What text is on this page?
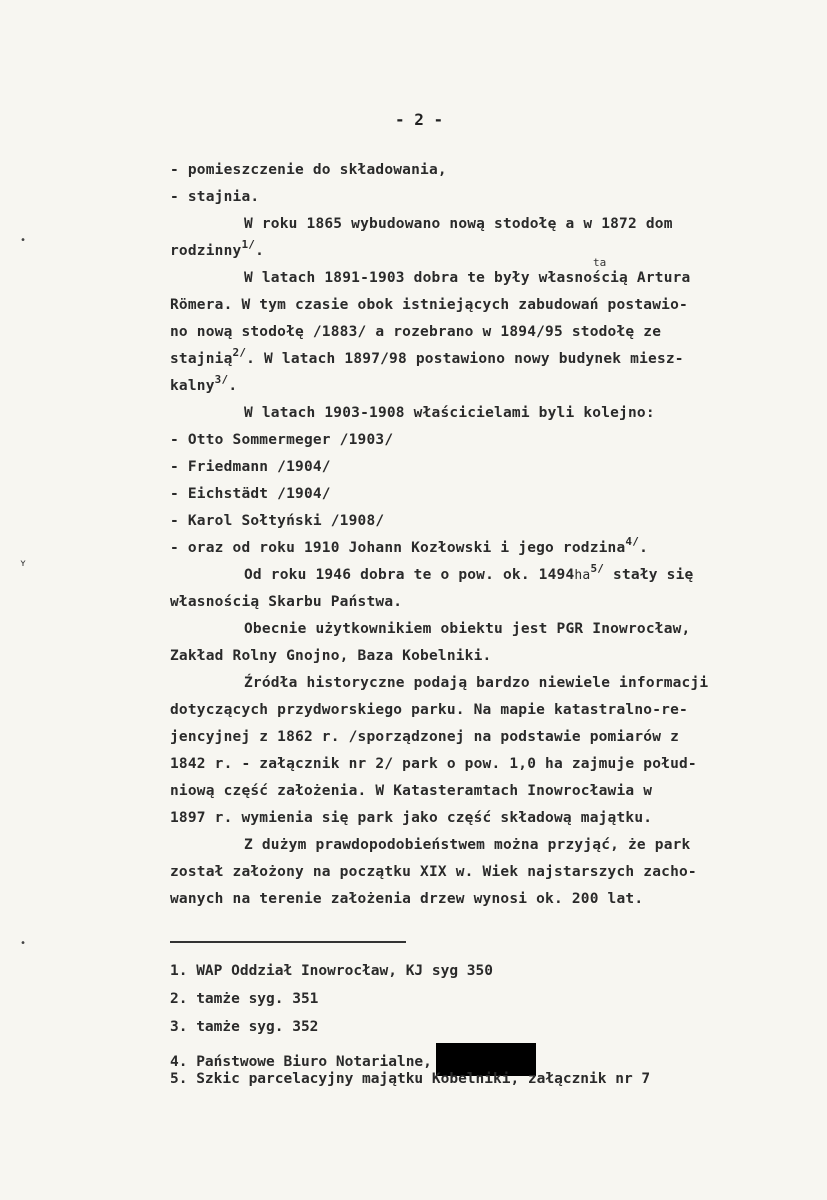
- 2 -
- pomieszczenie do składowania,
- stajnia.
W roku 1865 wybudowano nową stodołę a w 1872 dom
rodzinny$^{1/}$.
ta
W latach 1891-1903 dobra te były własnością Artura
Römera. W tym czasie obok istniejących zabudowań postawio-
no nową stodołę /1883/ a rozebrano w 1894/95 stodołę ze
stajnią$^{2/}$. W latach 1897/98 postawiono nowy budynek miesz-
kalny$^{3/}$.
W latach 1903-1908 właścicielami byli kolejno:
- Otto Sommermeger /1903/
- Friedmann /1904/
- Eichstädt /1904/
- Karol Sołtyński /1908/
- oraz od roku 1910 Johann Kozłowski i jego rodzina$^{4/}$.
Od roku 1946 dobra te o pow. ok. $1494ha^{5/}$ stały się
własnością Skarbu Państwa.
Obecnie użytkownikiem obiektu jest PGR Inowrocław,
Zakład Rolny Gnojno, Baza Kobelniki.
Źródła historyczne podają bardzo niewiele informacji
dotyczących przydworskiego parku. Na mapie katastralno-re-
jencyjnej z 1862 r. /sporządzonej na podstawie pomiarów z
1842 r. - załącznik nr 2/ park o pow. 1,0 ha zajmuje połud-
niową część założenia. W Katasteramtach Inowrocławia w
1897 r. wymienia się park jako część składową majątku.
Z dużym prawdopodobieństwem można przyjąć, że park
został założony na początku XIX w. Wiek najstarszych zacho-
wanych na terenie założenia drzew wynosi ok. 200 lat.
1. WAP Oddział Inowrocław, KJ syg 350
2. tamże syg. 351
3. tamże syg. 352
4. Państwowe Biuro Notarialne,
5. Szkic parcelacyjny majątku Kobelniki, załącznik nr 7
•
ʏ
•
